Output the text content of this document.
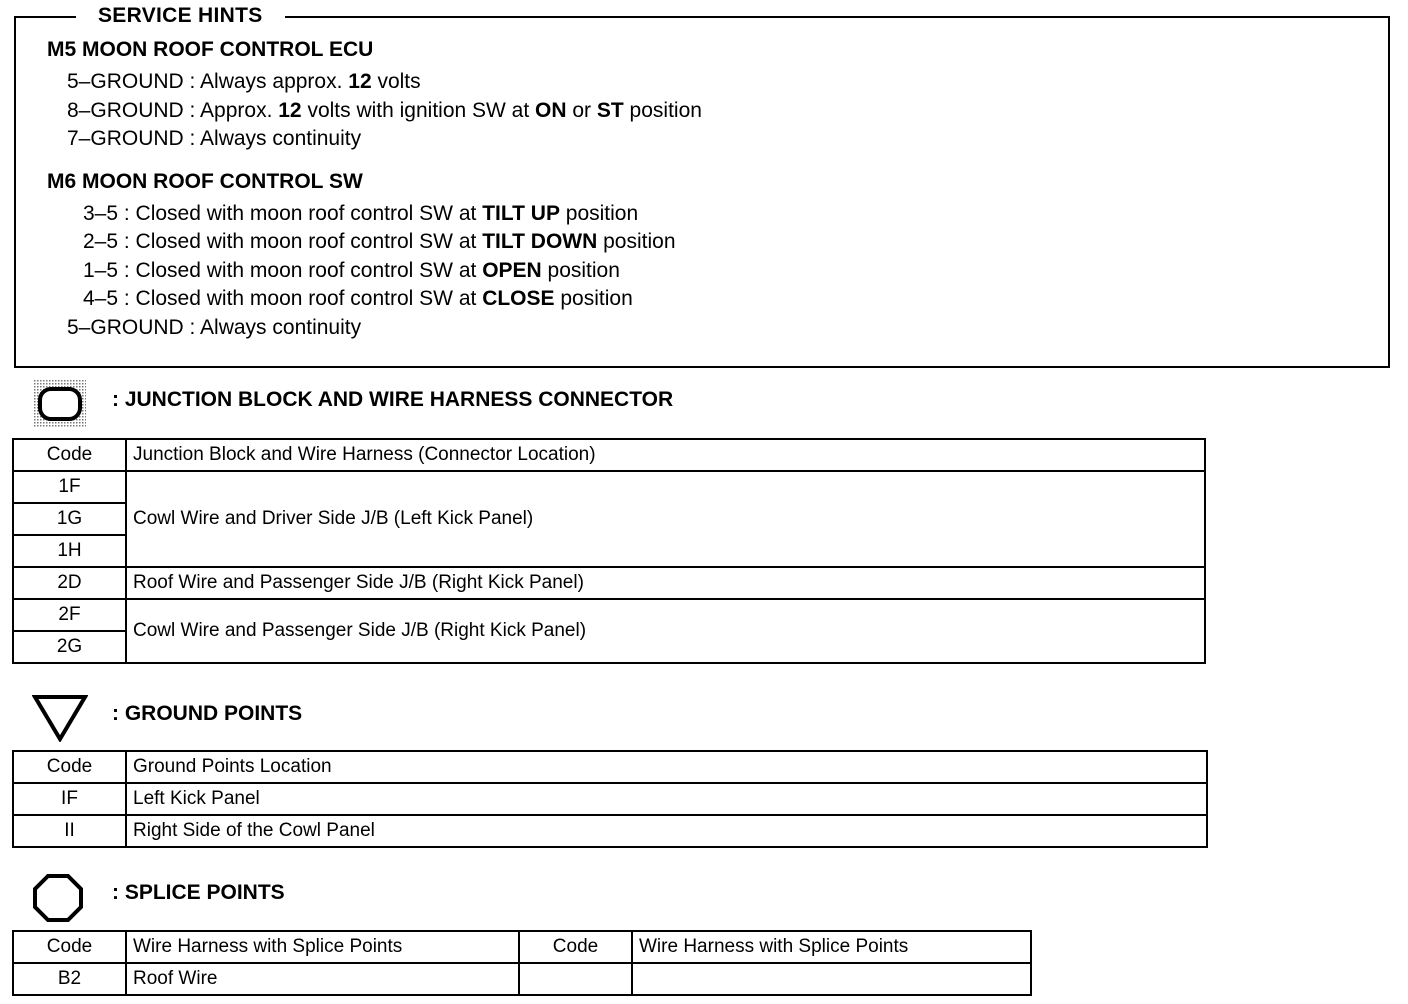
SERVICE HINTS
M5 MOON ROOF CONTROL ECU
5–GROUND : Always approx. 12 volts
8–GROUND : Approx. 12 volts with ignition SW at ON or ST position
7–GROUND : Always continuity
M6 MOON ROOF CONTROL SW
3–5 : Closed with moon roof control SW at TILT UP position
2–5 : Closed with moon roof control SW at TILT DOWN position
1–5 : Closed with moon roof control SW at OPEN position
4–5 : Closed with moon roof control SW at CLOSE position
5–GROUND : Always continuity
: JUNCTION BLOCK AND WIRE HARNESS CONNECTOR
Code	Junction Block and Wire Harness (Connector Location)
1F	Cowl Wire and Driver Side J/B (Left Kick Panel)
1G	
1H	
2D	Roof Wire and Passenger Side J/B (Right Kick Panel)
2F	Cowl Wire and Passenger Side J/B (Right Kick Panel)
2G	
: GROUND POINTS
Code	Ground Points Location
IF	Left Kick Panel
II	Right Side of the Cowl Panel
: SPLICE POINTS
Code	Wire Harness with Splice Points	Code	Wire Harness with Splice Points
B2	Roof Wire		
